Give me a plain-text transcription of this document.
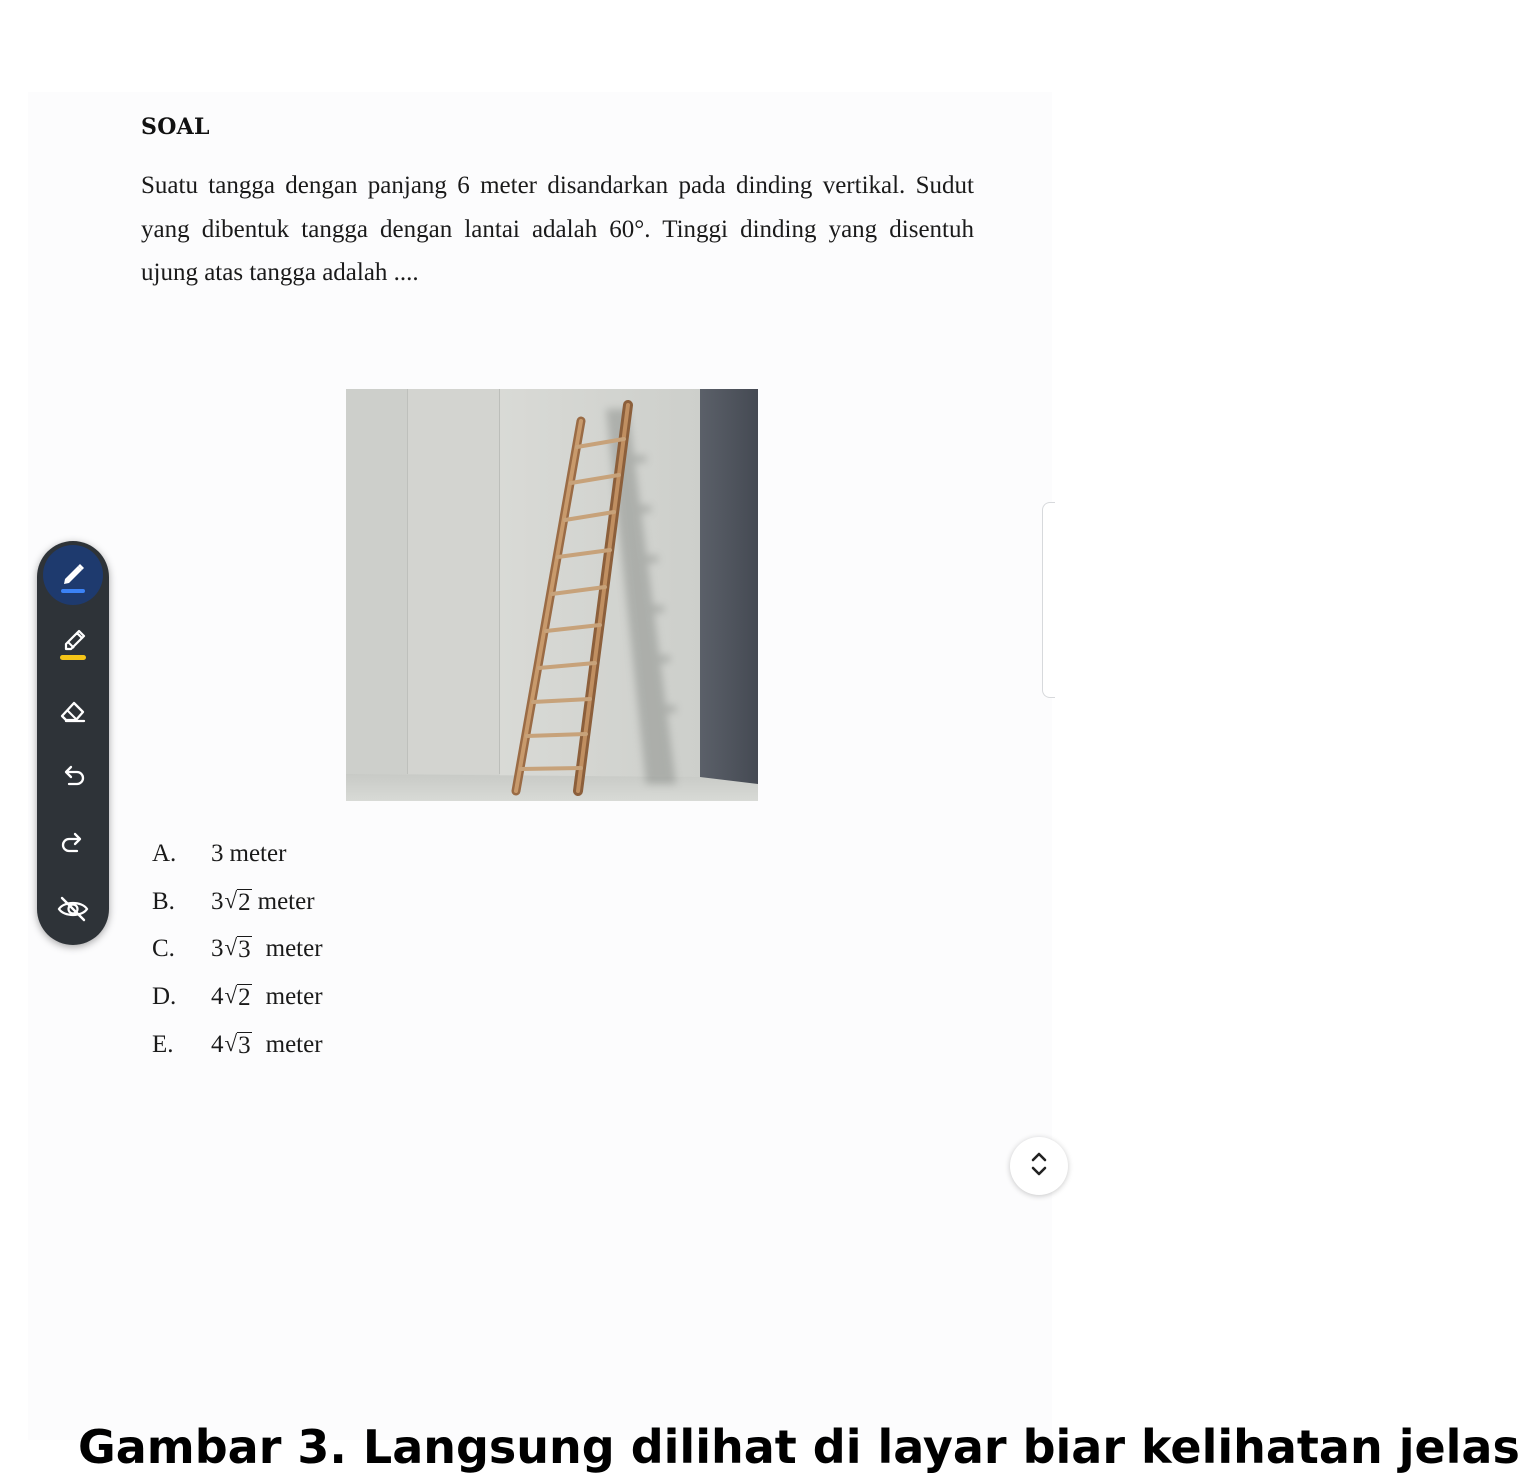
SOAL
Suatu tangga dengan panjang 6 meter disandarkan pada dinding vertikal. Sudut yang dibentuk tangga dengan lantai adalah 60°. Tinggi dinding yang disentuh ujung atas tangga adalah ....
A.	3 meter
B.	3 √ 2 meter
C.	3 √ 3 meter
D.	4 √ 2 meter
E.	4 √ 3 meter
Gambar 3. Langsung dilihat di layar biar kelihatan jelas
